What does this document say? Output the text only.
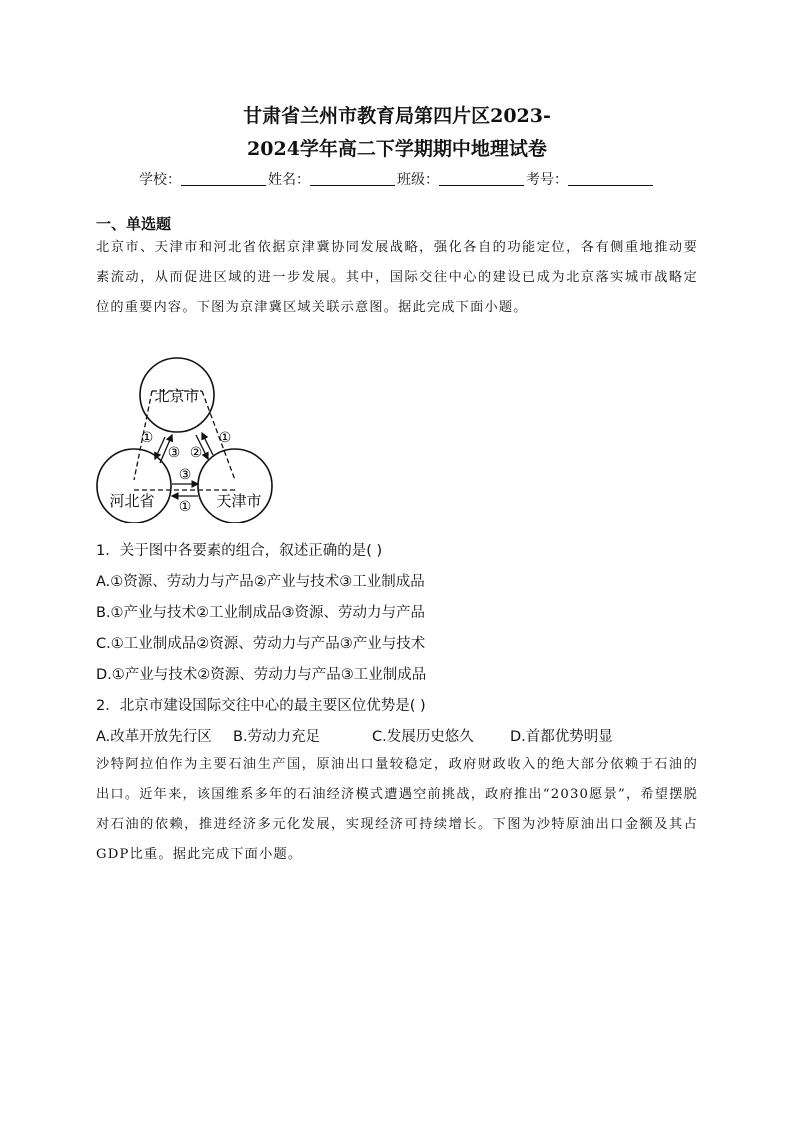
甘肃省兰州市教育局第四片区2023-
2024学年高二下学期期中地理试卷
学校：	姓名：	班级：	考号：
一、单选题
北京市、天津市和河北省依据京津冀协同发展战略，强化各自的功能定位，各有侧重地推动要素流动，从而促进区域的进一步发展。其中，国际交往中心的建设已成为北京落实城市战略定位的重要内容。下图为京津冀区域关联示意图。据此完成下面小题。
北京市
河北省	天津市
①
③ ②
①
③
①
1．关于图中各要素的组合，叙述正确的是( )
A.①资源、劳动力与产品②产业与技术③工业制成品
B.①产业与技术②工业制成品③资源、劳动力与产品
C.①工业制成品②资源、劳动力与产品③产业与技术
D.①产业与技术②资源、劳动力与产品③工业制成品
2．北京市建设国际交往中心的最主要区位优势是( )
A.改革开放先行区 B.劳动力充足	C.发展历史悠久	D.首都优势明显
沙特阿拉伯作为主要石油生产国，原油出口量较稳定，政府财政收入的绝大部分依赖于石油的出口。近年来，该国维系多年的石油经济模式遭遇空前挑战，政府推出“2030愿景”，希望摆脱对石油的依赖，推进经济多元化发展，实现经济可持续增长。下图为沙特原油出口金额及其占GDP比重。据此完成下面小题。
